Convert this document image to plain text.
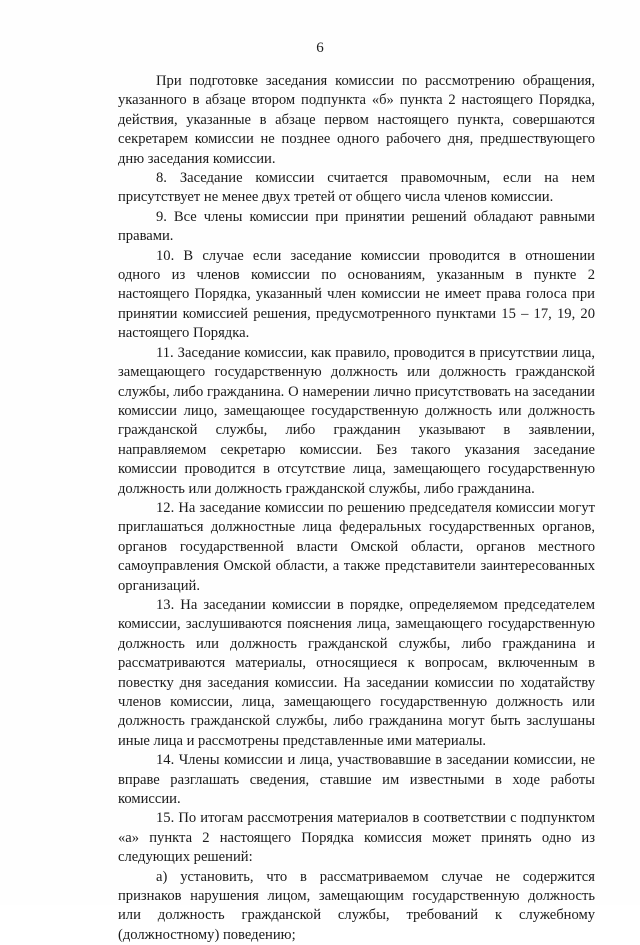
6

При подготовке заседания комиссии по рассмотрению обращения, указанного в абзаце втором подпункта «б» пункта 2 настоящего Порядка, действия, указанные в абзаце первом настоящего пункта, совершаются секретарем комиссии не позднее одного рабочего дня, предшествующего дню заседания комиссии.

8. Заседание комиссии считается правомочным, если на нем присутствует не менее двух третей от общего числа членов комиссии.

9. Все члены комиссии при принятии решений обладают равными правами.

10. В случае если заседание комиссии проводится в отношении одного из членов комиссии по основаниям, указанным в пункте 2 настоящего Порядка, указанный член комиссии не имеет права голоса при принятии комиссией решения, предусмотренного пунктами 15 – 17, 19, 20 настоящего Порядка.

11. Заседание комиссии, как правило, проводится в присутствии лица, замещающего государственную должность или должность гражданской службы, либо гражданина. О намерении лично присутствовать на заседании комиссии лицо, замещающее государственную должность или должность гражданской службы, либо гражданин указывают в заявлении, направляемом секретарю комиссии. Без такого указания заседание комиссии проводится в отсутствие лица, замещающего государственную должность или должность гражданской службы, либо гражданина.

12. На заседание комиссии по решению председателя комиссии могут приглашаться должностные лица федеральных государственных органов, органов государственной власти Омской области, органов местного самоуправления Омской области, а также представители заинтересованных организаций.

13. На заседании комиссии в порядке, определяемом председателем комиссии, заслушиваются пояснения лица, замещающего государственную должность или должность гражданской службы, либо гражданина и рассматриваются материалы, относящиеся к вопросам, включенным в повестку дня заседания комиссии. На заседании комиссии по ходатайству членов комиссии, лица, замещающего государственную должность или должность гражданской службы, либо гражданина могут быть заслушаны иные лица и рассмотрены представленные ими материалы.

14. Члены комиссии и лица, участвовавшие в заседании комиссии, не вправе разглашать сведения, ставшие им известными в ходе работы комиссии.

15. По итогам рассмотрения материалов в соответствии с подпунктом «а» пункта 2 настоящего Порядка комиссия может принять одно из следующих решений:

а) установить, что в рассматриваемом случае не содержится признаков нарушения лицом, замещающим государственную должность или должность гражданской службы, требований к служебному (должностному) поведению;
